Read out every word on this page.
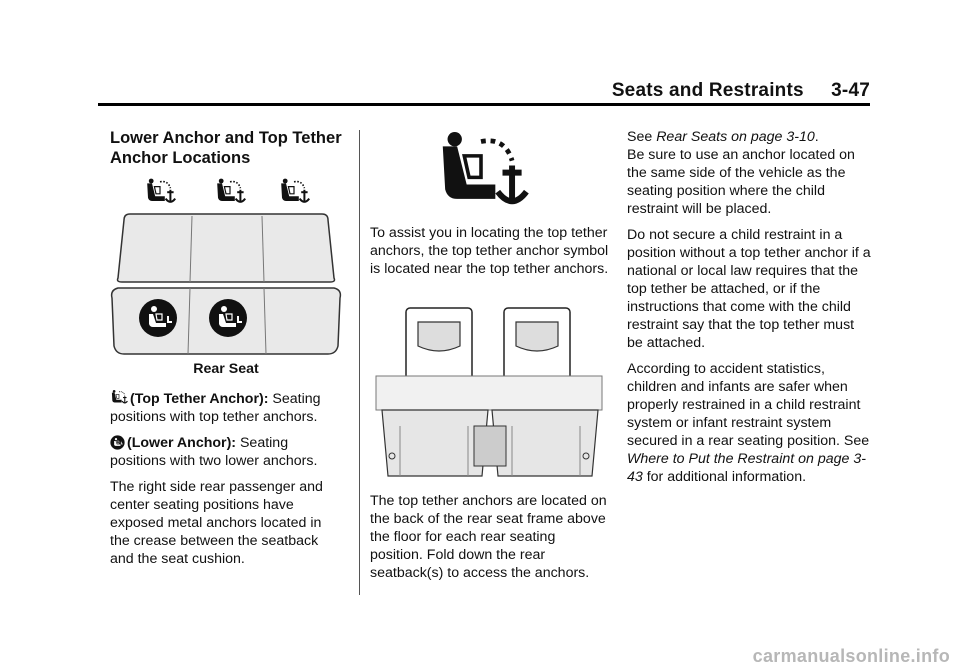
Seats and Restraints     3-47
Lower Anchor and Top Tether Anchor Locations
Rear Seat

(Top Tether Anchor): Seating positions with top tether anchors.

(Lower Anchor): Seating positions with two lower anchors.

The right side rear passenger and center seating positions have exposed metal anchors located in the crease between the seatback and the seat cushion.

To assist you in locating the top tether anchors, the top tether anchor symbol is located near the top tether anchors.

The top tether anchors are located on the back of the rear seat frame above the floor for each rear seating position. Fold down the rear seatback(s) to access the anchors.

See Rear Seats on page 3-10.
Be sure to use an anchor located on the same side of the vehicle as the seating position where the child restraint will be placed.

Do not secure a child restraint in a position without a top tether anchor if a national or local law requires that the top tether be attached, or if the instructions that come with the child restraint say that the top tether must be attached.

According to accident statistics, children and infants are safer when properly restrained in a child restraint system or infant restraint system secured in a rear seating position. See Where to Put the Restraint on page 3-43 for additional information.

carmanualsonline.info
